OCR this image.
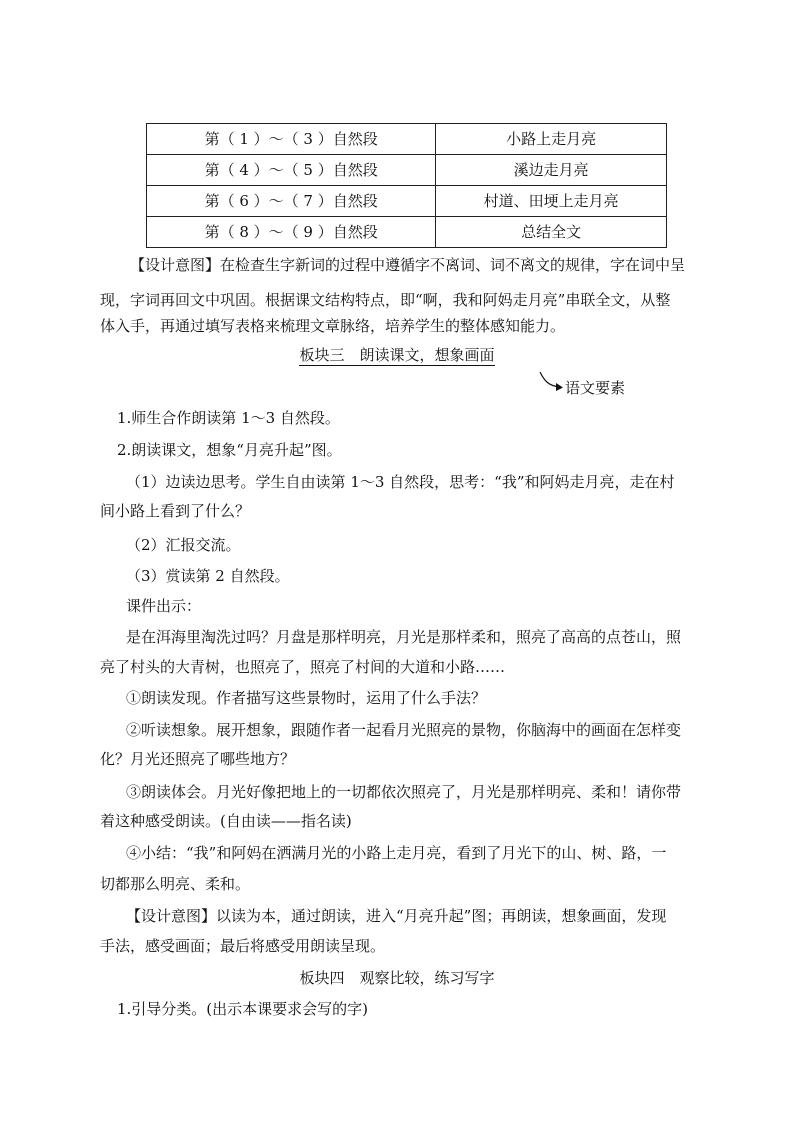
第（ 1 ）～（ 3 ）自然段	小路上走月亮
第（ 4 ）～（ 5 ）自然段	溪边走月亮
第（ 6 ）～（ 7 ）自然段	村道、田埂上走月亮
第（ 8 ）～（ 9 ）自然段	总结全文
【设计意图】在检查生字新词的过程中遵循字不离词、词不离文的规律，字在词中呈
现，字词再回文中巩固。根据课文结构特点，即“啊，我和阿妈走月亮”串联全文，从整
体入手，再通过填写表格来梳理文章脉络，培养学生的整体感知能力。
板块三　朗读课文，想象画面
语文要素
1.师生合作朗读第 1～3 自然段。
2.朗读课文，想象“月亮升起”图。
（1）边读边思考。学生自由读第 1～3 自然段，思考：“我”和阿妈走月亮，走在村
间小路上看到了什么？
（2）汇报交流。
（3）赏读第 2 自然段。
课件出示：
是在洱海里淘洗过吗？月盘是那样明亮，月光是那样柔和，照亮了高高的点苍山，照
亮了村头的大青树，也照亮了，照亮了村间的大道和小路……
①朗读发现。作者描写这些景物时，运用了什么手法？
②听读想象。展开想象，跟随作者一起看月光照亮的景物，你脑海中的画面在怎样变
化？月光还照亮了哪些地方？
③朗读体会。月光好像把地上的一切都依次照亮了，月光是那样明亮、柔和！请你带
着这种感受朗读。(自由读——指名读)
④小结：“我”和阿妈在洒满月光的小路上走月亮，看到了月光下的山、树、路，一
切都那么明亮、柔和。
【设计意图】以读为本，通过朗读，进入“月亮升起”图；再朗读，想象画面，发现
手法，感受画面；最后将感受用朗读呈现。
板块四　观察比较，练习写字
1.引导分类。(出示本课要求会写的字)
